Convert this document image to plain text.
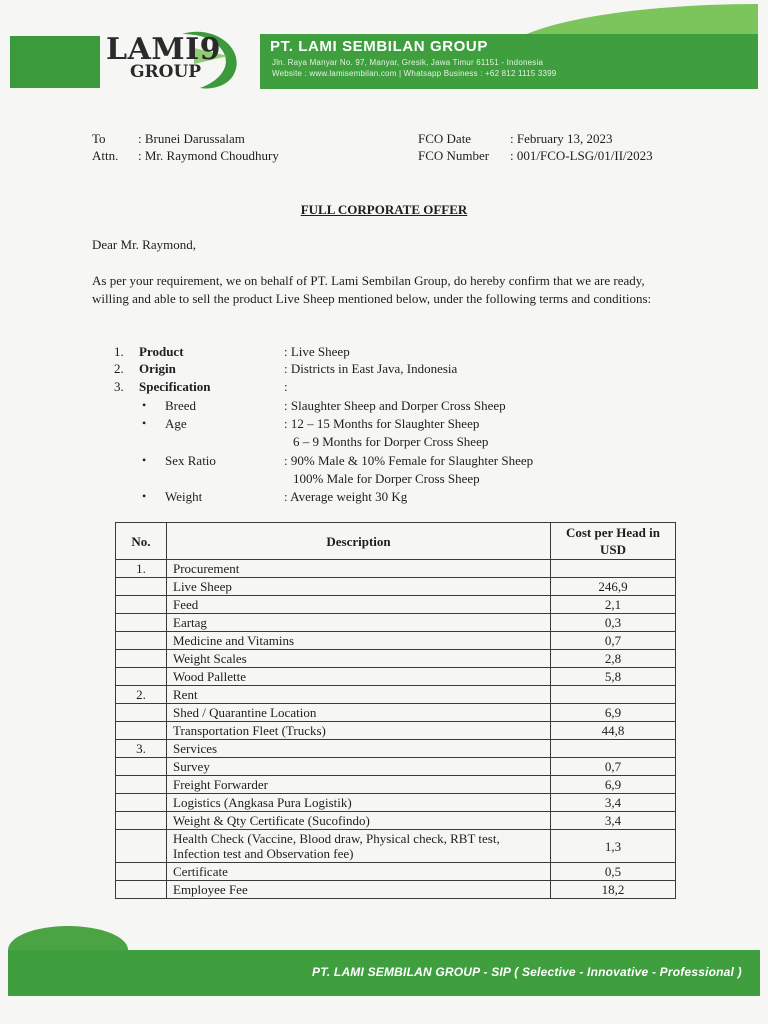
LAMI9
GROUP
PT. LAMI SEMBILAN GROUP
Jln. Raya Manyar No. 97, Manyar, Gresik, Jawa Timur 61151 - Indonesia
Website : www.lamisembilan.com | Whatsapp Business : +62 812 1115 3399
To : Brunei Darussalam
Attn. : Mr. Raymond Choudhury
FCO Date	: February 13, 2023
FCO Number : 001/FCO-LSG/01/II/2023
FULL CORPORATE OFFER
Dear Mr. Raymond,
As per your requirement, we on behalf of PT. Lami Sembilan Group, do hereby confirm that we are ready, willing and able to sell the product Live Sheep mentioned below, under the following terms and conditions:
1. Product	: Live Sheep
2. Origin	: Districts in East Java, Indonesia
3. Specification	:
• Breed	: Slaughter Sheep and Dorper Cross Sheep
• Age	: 12 – 15 Months for Slaughter Sheep
6 – 9 Months for Dorper Cross Sheep
• Sex Ratio	: 90% Male & 10% Female for Slaughter Sheep
100% Male for Dorper Cross Sheep
• Weight	: Average weight 30 Kg
No.	Description	Cost per Head in
USD

1.	Procurement	
	Live Sheep	246,9
	Feed	2,1
	Eartag	0,3
	Medicine and Vitamins	0,7
	Weight Scales	2,8
	Wood Pallette	5,8
2.	Rent	
	Shed / Quarantine Location	6,9
	Transportation Fleet (Trucks)	44,8
3.	Services	
	Survey	0,7
	Freight Forwarder	6,9
	Logistics (Angkasa Pura Logistik)	3,4
	Weight & Qty Certificate (Sucofindo)	3,4
	Health Check (Vaccine, Blood draw, Physical check, RBT test, Infection test and Observation fee)	1,3
	Certificate	0,5
	Employee Fee	18,2
PT. LAMI SEMBILAN GROUP - SIP ( Selective - Innovative - Professional )
